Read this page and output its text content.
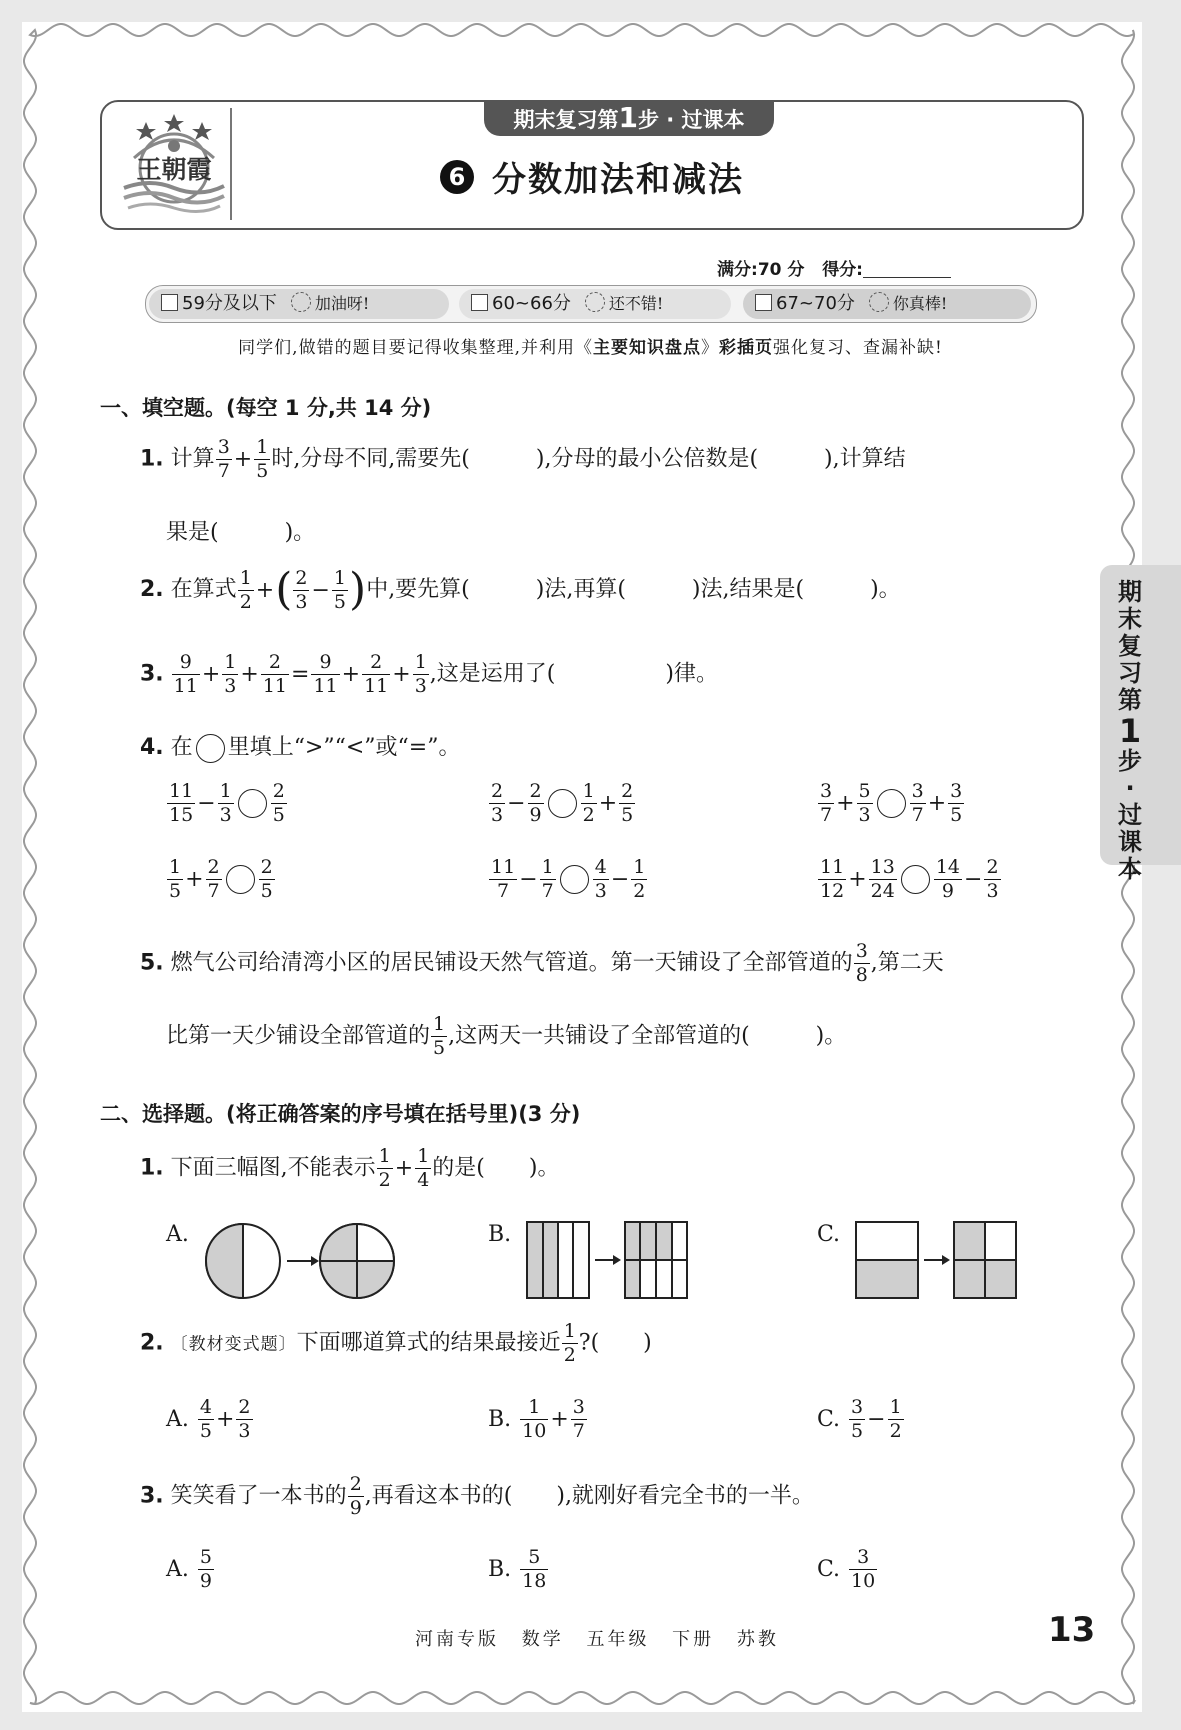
王朝霞
期末复习第1步 · 过课本
6 分数加法和减法
满分:70 分 得分:
59分及以下 加油呀!	60~66分 还不错!	67~70分 你真棒!
同学们,做错的题目要记得收集整理,并利用《主要知识盘点》彩插页强化复习、查漏补缺!
一、填空题。(每空 1 分,共 14 分)
1. 计算 $\frac{3}{7} + \frac{1}{5}$ 时,分母不同,需要先(　　　),分母的最小公倍数是(　　　),计算结
果是(　　　)。
2. 在算式 $\frac{1}{2}$ +( $\frac{2}{3} - \frac{1}{5}$ )中,要先算(　　　)法,再算(　　　)法,结果是(　　　)。
3. $\frac{9}{11} + \frac{1}{3} + \frac{2}{11} = \frac{9}{11} + \frac{2}{11} + \frac{1}{3}$ ,这是运用了(　　　　　)律。
4. 在 里填上“>”“<”或“=”。
$\frac{11}{15} - \frac{1}{3} \frac{2}{5}$	$\frac{2}{3} - \frac{2}{9} \frac{1}{2} + \frac{2}{5}$	$\frac{3}{7} + \frac{5}{3} \frac{3}{7} + \frac{3}{5}$
$\frac{1}{5} + \frac{2}{7} \frac{2}{5}$	$\frac{11}{7} - \frac{1}{7} \frac{4}{3} - \frac{1}{2}$	$\frac{11}{12} + \frac{13}{24} \frac{14}{9} - \frac{2}{3}$
5. 燃气公司给清湾小区的居民铺设天然气管道。第一天铺设了全部管道的 $\frac{3}{8}$ ,第二天
比第一天少铺设全部管道的 $\frac{1}{5}$ ,这两天一共铺设了全部管道的(　　　)。
二、选择题。(将正确答案的序号填在括号里)(3 分)
1. 下面三幅图,不能表示 $\frac{1}{2} + \frac{1}{4}$ 的是(　　)。
A.	B.	C.
2. 〔教材变式题〕下面哪道算式的结果最接近 $\frac{1}{2}$ ?(　　)
A. $\frac{4}{5} + \frac{2}{3}$	B. $\frac{1}{10} + \frac{3}{7}$	C. $\frac{3}{5} - \frac{1}{2}$
3. 笑笑看了一本书的 $\frac{2}{9}$ ,再看这本书的(　　),就刚好看完全书的一半。
A. $\frac{5}{9}$	B. $\frac{5}{18}$	C. $\frac{3}{10}$
期
末
复
习
第
1
步
·
过
课
本
河南专版 数学 五年级 下册 苏教	13
